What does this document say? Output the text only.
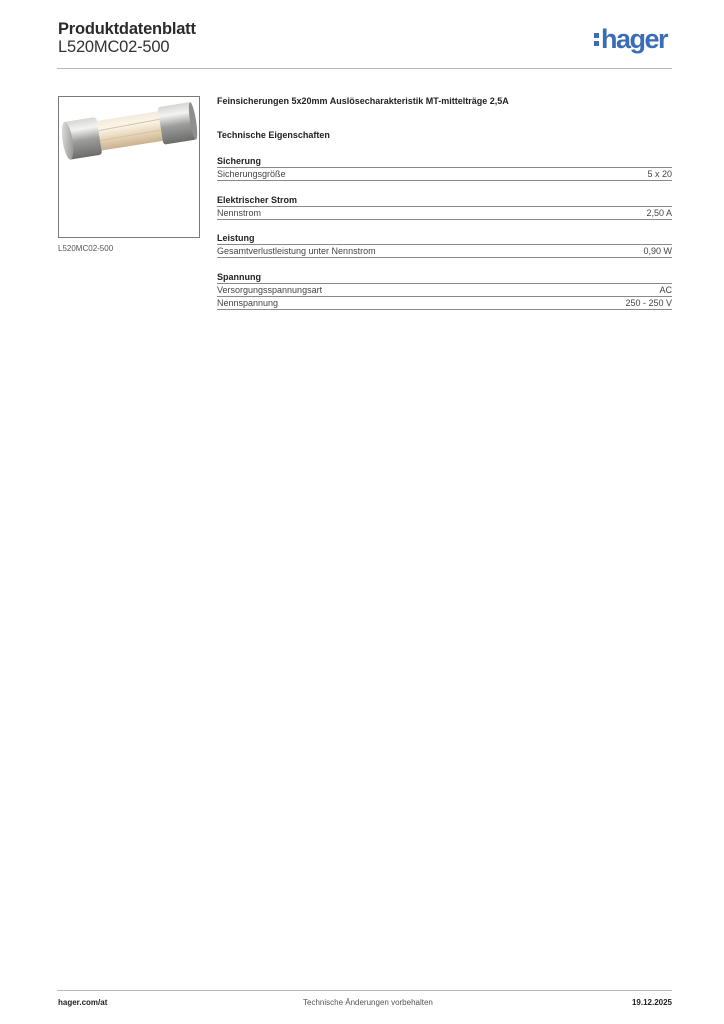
Produktdatenblatt
L520MC02-500	hager
L520MC02-500
Feinsicherungen 5x20mm Auslösecharakteristik MT-mittelträge 2,5A
Technische Eigenschaften
Sicherung
Sicherungsgröße	5 x 20
Elektrischer Strom
Nennstrom	2,50 A
Leistung
Gesamtverlustleistung unter Nennstrom	0,90 W
Spannung
Versorgungsspannungsart	AC
Nennspannung	250 - 250 V
hager.com/at	Technische Änderungen vorbehalten	19.12.2025
